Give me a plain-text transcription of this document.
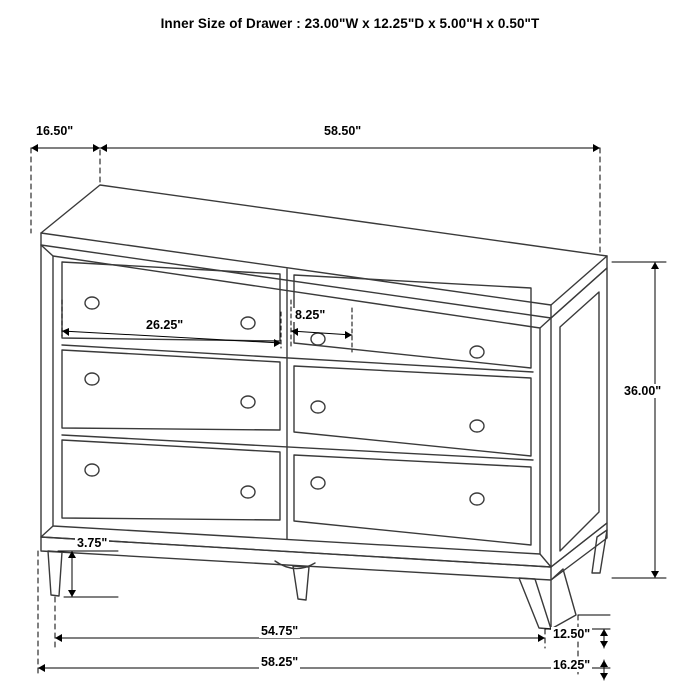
Inner Size of Drawer : 23.00"W x 12.25"D x 5.00"H x 0.50"T
16.50"	58.50"
36.00"
26.25"
8.25"
3.75"
54.75"
58.25"
12.50"
16.25"
